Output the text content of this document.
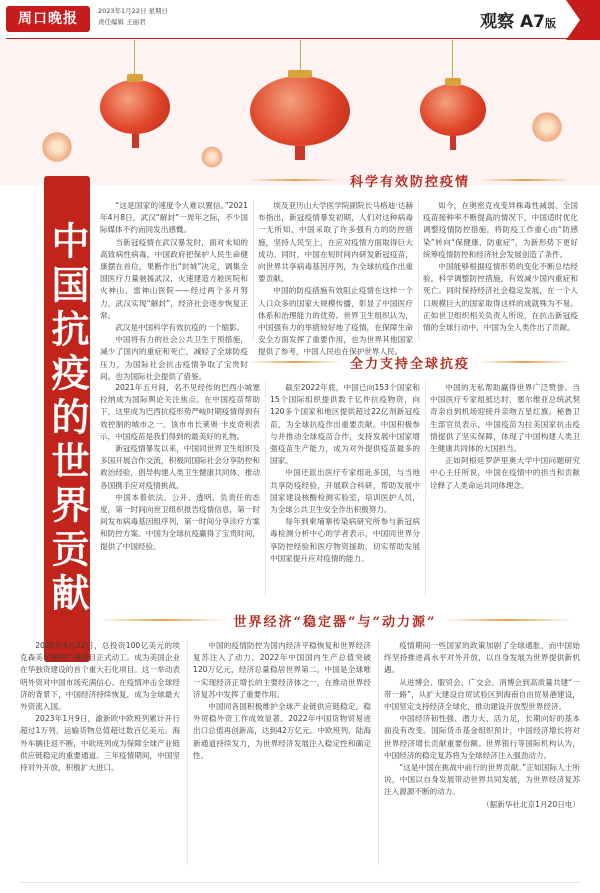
周口晚报	2023年1月22日 星期日
责任编辑 王丽君	观察 A7版
中国抗疫的世界贡献
科学有效防控疫情

“这是国家的速度令人难以置信。”2021年4月8日，武汉“解封”一周年之际，不少国际媒体不约而同发出感慨。

当新冠疫情在武汉暴发时，面对未知的高致病性病毒，中国政府把保护人民生命健康摆在首位，果断作出“封城”决定，调集全国医疗力量驰援武汉，火速建造方舱医院和火神山、雷神山医院——经过两个多月努力，武汉实现“解封”，经济社会逐步恢复正常。

武汉是中国科学有效抗疫的一个缩影。

中国将有力的社会公共卫生干预措施，减少了国内的重症和死亡，减轻了全球防疫压力，为国际社会抗击疫情争取了宝贵时间。也为国际社会提供了借鉴。

埃及亚历山大学医学院副院长马格迪·达赫布指出，新冠疫情暴发初期，人们对这种病毒一无所知。中国采取了许多强有力的防控措施，坚持人民至上，在应对疫情方面取得巨大成功。同时，中国在短时间内研发新冠疫苗，向世界共享病毒基因序列，为全球抗疫作出重要贡献。

中国的防疫措施有效阻止疫情在这样一个人口众多的国家大规模传播，彰显了中国医疗体系和治理能力的优势。世界卫生组织认为，中国强有力的举措较好地了疫情，在保障生命安全方面发挥了重要作用，也为世界其他国家提供了参考，中国人民也在保护世界人民。

如今，在奥密克戎变异株毒性减弱、全国疫苗接种率不断提高的情况下，中国适时优化调整疫情防控措施，将防疫工作重心由“防感染”转向“保健康、防重症”，为新形势下更好统筹疫情防控和经济社会发展创造了条件。

中国能够根据疫情形势的变化不断总结经验，科学调整防控措施，有效减少国内重症和死亡。同时保持经济社会稳定发展，在一个人口规模巨大的国家取得这样的成就殊为不易。正如世卫组织相关负责人所说，在抗击新冠疫情的全球行动中，中国为全人类作出了贡献。

全力支持全球抗疫

2021年五月间，名不见经传的巴西小城塞拉纳成为国际舆论关注焦点。在中国疫苗帮助下，这里成为巴西抗疫形势严峻时期疫情得到有效控制的城市之一。该市市长莱奥·卡皮奇利表示，中国疫苗是我们得到的最美好的礼物。

新冠疫情暴发以来，中国同世界卫生组织及多国开展合作交流，积极同国际社会分享防控和救治经验，倡导构建人类卫生健康共同体，推动各国携手应对疫情挑战。

中国本着依法、公开、透明、负责任的态度，第一时间向世卫组织报告疫情信息，第一时间发布病毒基因组序列，第一时间分享诊疗方案和防控方案。中国为全球抗疫赢得了宝贵时间，提供了中国经验。

截至2022年底，中国已向153个国家和15个国际组织提供数千亿件抗疫物资，向120多个国家和地区提供超过22亿剂新冠疫苗，为全球抗疫作出重要贡献。中国积极参与并推动全球疫苗合作，支持发展中国家增强疫苗生产能力，成为对外提供疫苗最多的国家。

中国还派出医疗专家组赴多国，与当地共享防疫经验，开展联合科研，帮助发展中国家建设核酸检测实验室，培训医护人员，为全球公共卫生安全作出积极努力。

每年到柬埔寨传染病研究所参与新冠病毒检测分析中心的学者表示，中国同世界分享防控经验和医疗物资援助，切实帮助发展中国家提升应对疫情的能力。

中国的无私帮助赢得世界广泛赞誉。当中国医疗专家组抵达时，塞尔维亚总统武契奇亲自到机场迎接并亲吻五星红旗。秘鲁卫生部官员表示，中国疫苗为拉美国家抗击疫情提供了坚实保障，体现了中国构建人类卫生健康共同体的大国担当。

正如阿根廷罗萨里奥大学中国问题研究中心主任所说，中国在疫情中的担当和贡献诠释了人类命运共同体理念。

世界经济“稳定器”与“动力源”

2020年4月22日，总投资100亿美元的埃克森美孚惠州乙烯项目正式动工。成为美国企业在华独资建设的首个重大石化项目。这一举动表明外资对中国市场充满信心。在疫情冲击全球经济的背景下，中国经济持续恢复，成为全球最大外资流入国。

2023年1月9日，渝新欧中欧班列累计开行超过1万列，运输货物总值超过数百亿美元。海外车辆往返不断，中欧班列成为保障全球产业链供应链稳定的重要通道。三年疫情期间，中国坚持对外开放，积极扩大进口。

中国的疫情防控为国内经济平稳恢复和世界经济复苏注入了动力。2022年中国国内生产总值突破120万亿元，经济总量稳居世界第二。中国是全球唯一实现经济正增长的主要经济体之一，在推动世界经济复苏中发挥了重要作用。

中国同各国积极维护全球产业链供应链稳定，稳外贸稳外资工作成效显著。2022年中国货物贸易进出口总值再创新高，达到42万亿元。中欧班列、陆海新通道持续发力，为世界经济发展注入稳定性和确定性。

疫情期间一些国家的政策加剧了全球通胀，而中国始终坚持推进高水平对外开放，以自身发展为世界提供新机遇。

从进博会、服贸会、广交会、消博会到高质量共建“一带一路”，从扩大建设自贸试验区到海南自由贸易港建设，中国坚定支持经济全球化，推动建设开放型世界经济。

中国经济韧性强、潜力大、活力足，长期向好的基本面没有改变。国际货币基金组织预计，中国经济增长将对世界经济增长贡献重要份额。世界银行等国际机构认为，中国经济的稳定复苏将为全球经济注入强劲动力。

“这是中国在挑战中前行的世界贡献。”正如国际人士所说，中国以自身发展带动世界共同发展，为世界经济复苏注入源源不断的动力。

（据新华社北京1月20日电）
